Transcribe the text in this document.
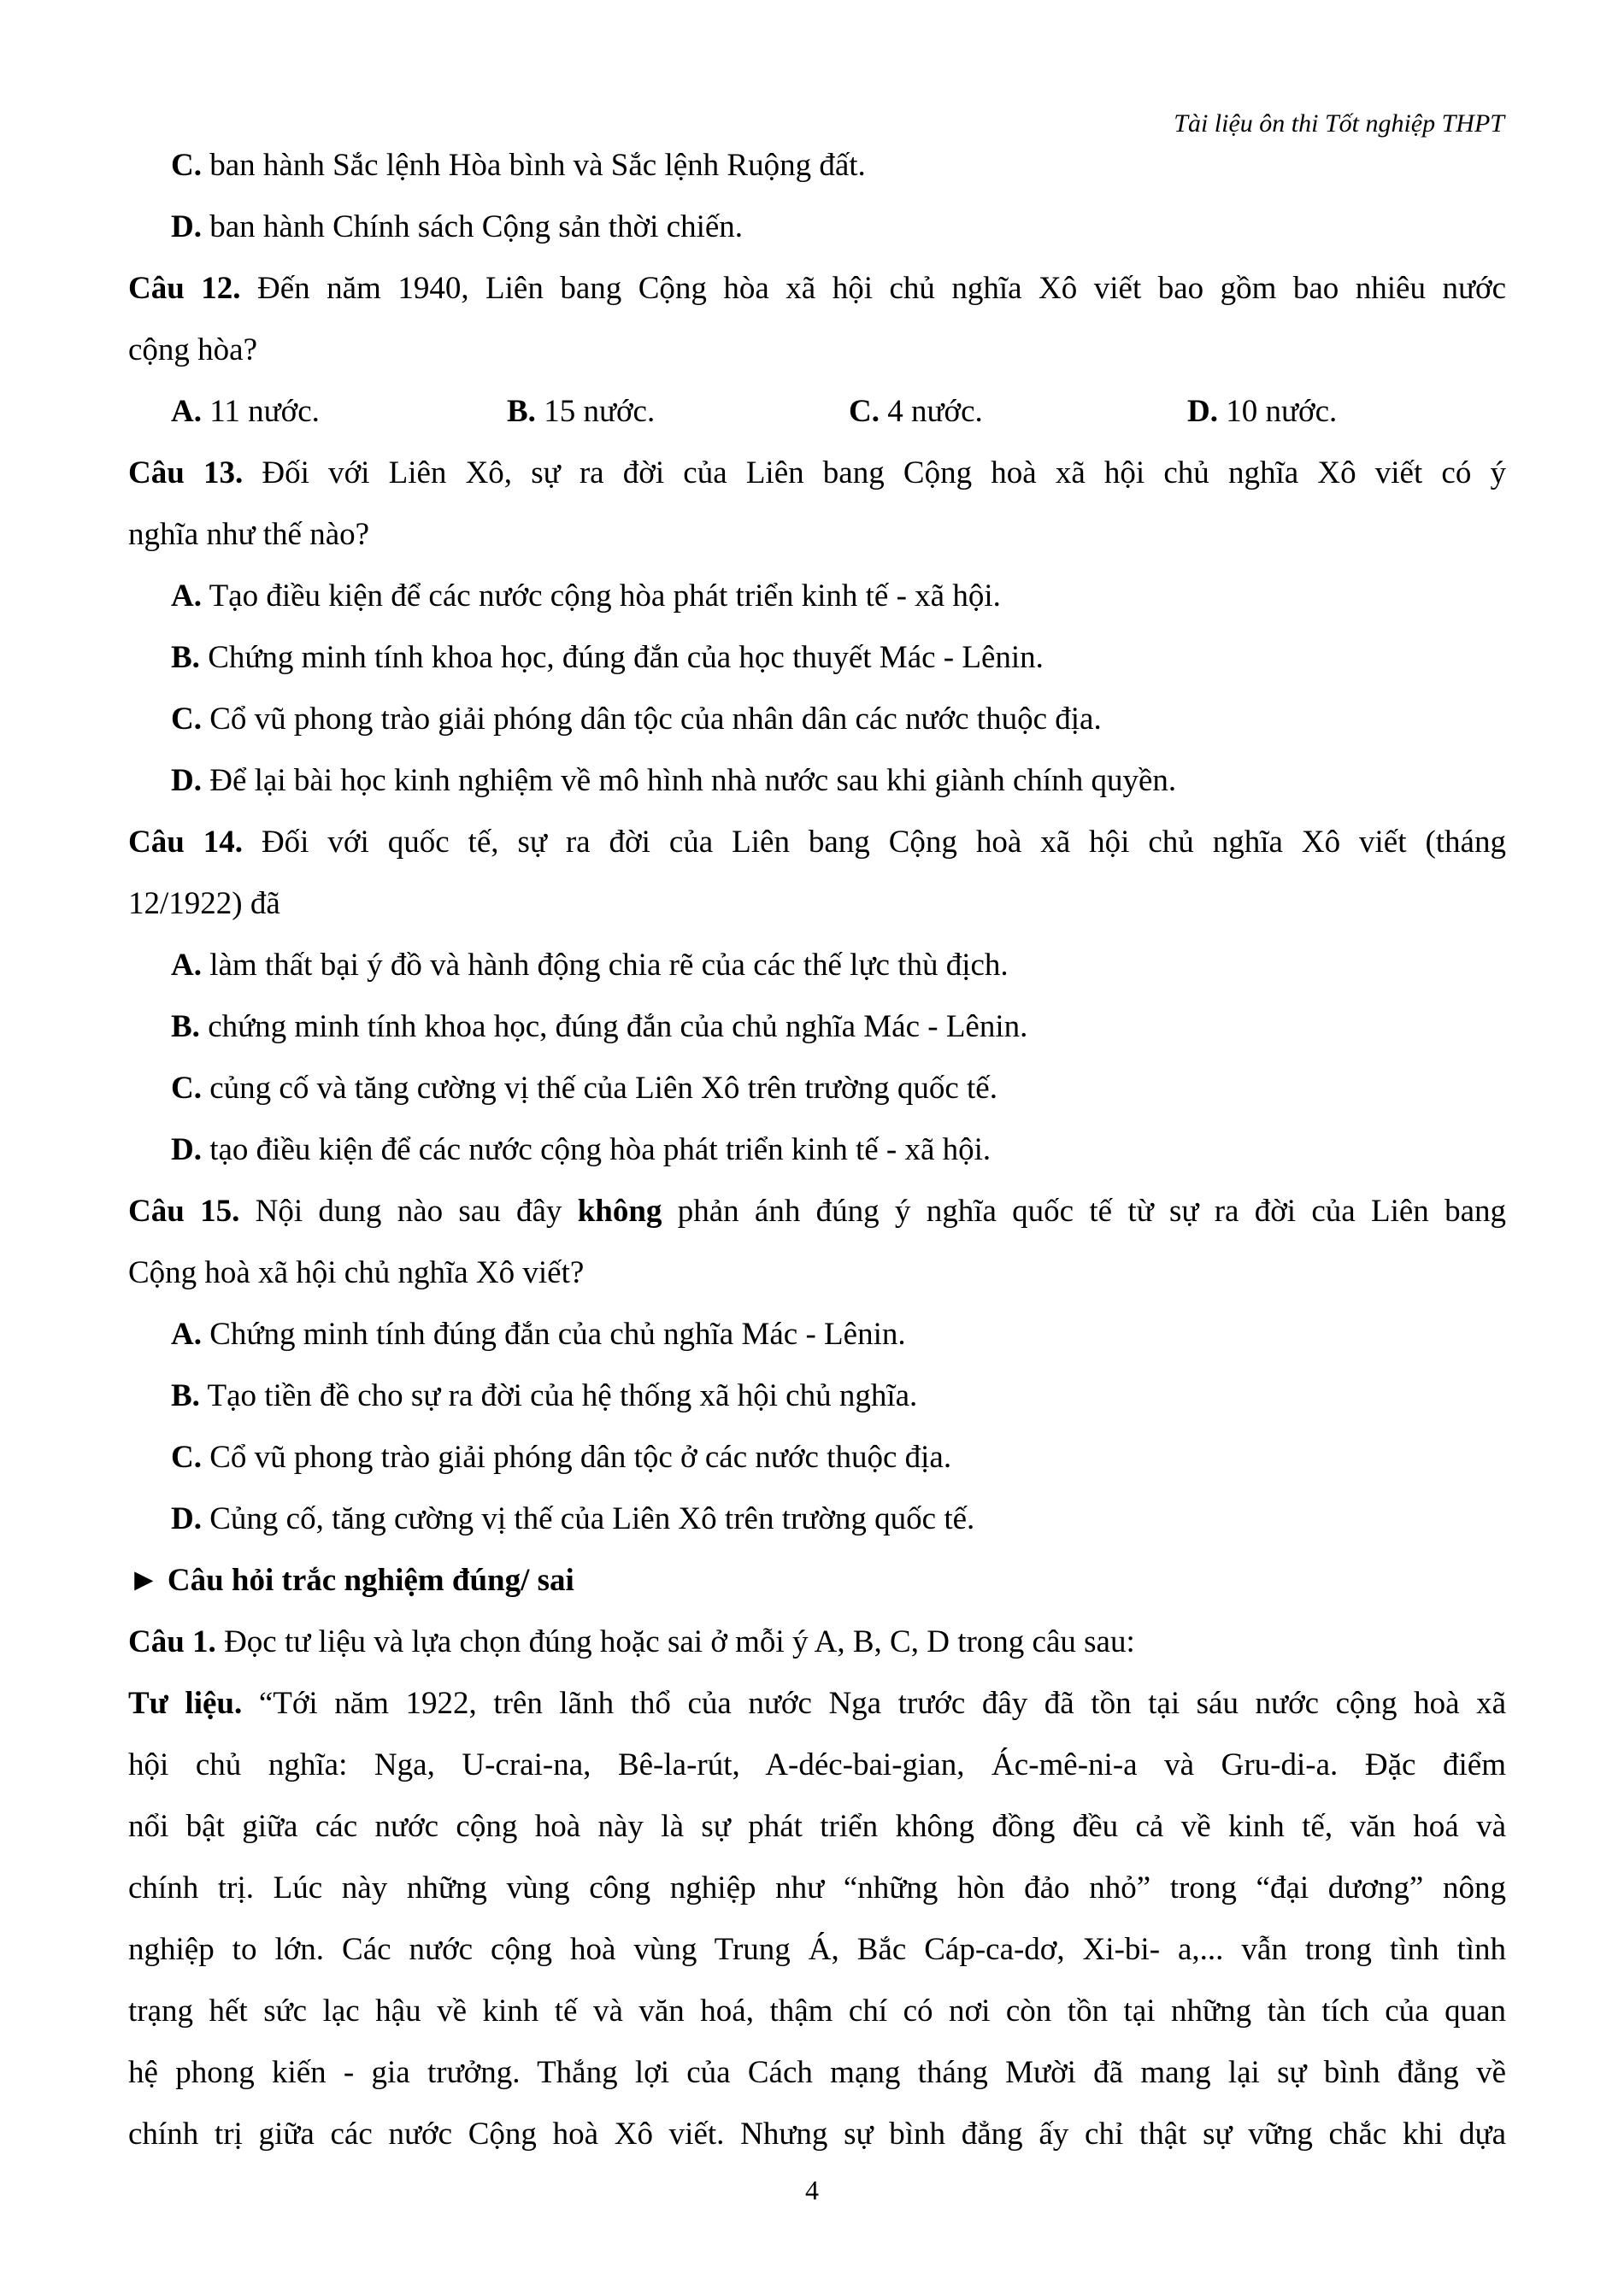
Tài liệu ôn thi Tốt nghiệp THPT
C. ban hành Sắc lệnh Hòa bình và Sắc lệnh Ruộng đất.
D. ban hành Chính sách Cộng sản thời chiến.
Câu 12. Đến năm 1940, Liên bang Cộng hòa xã hội chủ nghĩa Xô viết bao gồm bao nhiêu nước
cộng hòa?
A. 11 nước.	B. 15 nước.	C. 4 nước.	D. 10 nước.
Câu 13. Đối với Liên Xô, sự ra đời của Liên bang Cộng hoà xã hội chủ nghĩa Xô viết có ý
nghĩa như thế nào?
A. Tạo điều kiện để các nước cộng hòa phát triển kinh tế - xã hội.
B. Chứng minh tính khoa học, đúng đắn của học thuyết Mác - Lênin.
C. Cổ vũ phong trào giải phóng dân tộc của nhân dân các nước thuộc địa.
D. Để lại bài học kinh nghiệm về mô hình nhà nước sau khi giành chính quyền.
Câu 14. Đối với quốc tế, sự ra đời của Liên bang Cộng hoà xã hội chủ nghĩa Xô viết (tháng
12/1922) đã
A. làm thất bại ý đồ và hành động chia rẽ của các thế lực thù địch.
B. chứng minh tính khoa học, đúng đắn của chủ nghĩa Mác - Lênin.
C. củng cố và tăng cường vị thế của Liên Xô trên trường quốc tế.
D. tạo điều kiện để các nước cộng hòa phát triển kinh tế - xã hội.
Câu 15. Nội dung nào sau đây không phản ánh đúng ý nghĩa quốc tế từ sự ra đời của Liên bang
Cộng hoà xã hội chủ nghĩa Xô viết?
A. Chứng minh tính đúng đắn của chủ nghĩa Mác - Lênin.
B. Tạo tiền đề cho sự ra đời của hệ thống xã hội chủ nghĩa.
C. Cổ vũ phong trào giải phóng dân tộc ở các nước thuộc địa.
D. Củng cố, tăng cường vị thế của Liên Xô trên trường quốc tế.
► Câu hỏi trắc nghiệm đúng/ sai
Câu 1. Đọc tư liệu và lựa chọn đúng hoặc sai ở mỗi ý A, B, C, D trong câu sau:
Tư liệu. “Tới năm 1922, trên lãnh thổ của nước Nga trước đây đã tồn tại sáu nước cộng hoà xã
hội chủ nghĩa: Nga, U-crai-na, Bê-la-rút, A-déc-bai-gian, Ác-mê-ni-a và Gru-di-a. Đặc điểm
nổi bật giữa các nước cộng hoà này là sự phát triển không đồng đều cả về kinh tế, văn hoá và
chính trị. Lúc này những vùng công nghiệp như “những hòn đảo nhỏ” trong “đại dương” nông
nghiệp to lớn. Các nước cộng hoà vùng Trung Á, Bắc Cáp-ca-dơ, Xi-bi- a,... vẫn trong tình tình
trạng hết sức lạc hậu về kinh tế và văn hoá, thậm chí có nơi còn tồn tại những tàn tích của quan
hệ phong kiến - gia trưởng. Thắng lợi của Cách mạng tháng Mười đã mang lại sự bình đẳng về
chính trị giữa các nước Cộng hoà Xô viết. Nhưng sự bình đẳng ấy chỉ thật sự vững chắc khi dựa
4
